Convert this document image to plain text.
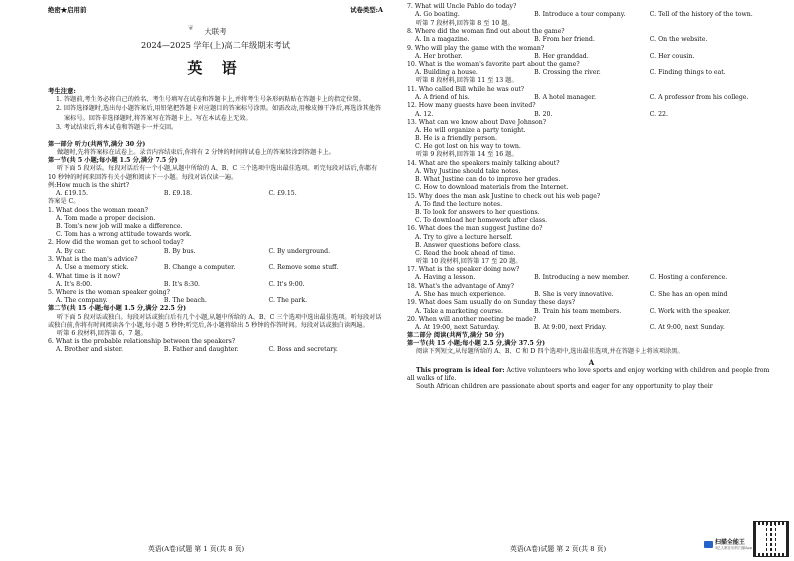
绝密★启用前	试卷类型:A
❦	大联考
2024—2025 学年(上)高二年级期末考试
英 语
考生注意:
1. 答题前,考生务必将自己的姓名、考生号填写在试卷和答题卡上,并将考生号条形码粘贴在答题卡上的指定位置。
2. 回答选择题时,选出每小题答案后,用铅笔把答题卡对应题目的答案标号涂黑。如需改动,用橡皮擦干净后,再选涂其他答案标号。回答非选择题时,将答案写在答题卡上。写在本试卷上无效。
3. 考试结束后,将本试卷和答题卡一并交回。
第一部分 听力(共两节,满分 30 分)
做题时,先将答案标在试卷上。录音内容结束后,你将有 2 分钟的时间将试卷上的答案转涂到答题卡上。
第一节(共 5 小题;每小题 1.5 分,满分 7.5 分)
听下面 5 段对话。每段对话后有一个小题,从题中所给的 A、B、C 三个选项中选出最佳选项。听完每段对话后,你都有 10 秒钟的时间来回答有关小题和阅读下一小题。每段对话仅读一遍。
例:How much is the shirt?
A. £19.15.	B. £9.18.	C. £9.15.
答案是 C。
1. What does the woman mean?
A. Tom made a proper decision.
B. Tom's new job will make a difference.
C. Tom has a wrong attitude towards work.
2. How did the woman get to school today?
A. By car.	B. By bus.	C. By underground.
3. What is the man's advice?
A. Use a memory stick.	B. Change a computer.	C. Remove some stuff.
4. What time is it now?
A. It's 8:00.	B. It's 8:30.	C. It's 9:00.
5. Where is the woman speaker going?
A. The company.	B. The beach.	C. The park.
第二节(共 15 小题;每小题 1.5 分,满分 22.5 分)
听下面 5 段对话或独白。每段对话或独白后有几个小题,从题中所给的 A、B、C 三个选项中选出最佳选项。听每段对话或独白前,你将有时间阅读各个小题,每小题 5 秒钟;听完后,各小题将给出 5 秒钟的作答时间。每段对话或独白读两遍。
听第 6 段材料,回答第 6、7 题。
6. What is the probable relationship between the speakers?
A. Brother and sister.	B. Father and daughter.	C. Boss and secretary.
英语(A卷)试题 第 1 页(共 8 页)
7. What will Uncle Pablo do today?
A. Go boating.	B. Introduce a tour company.	C. Tell of the history of the town.
听第 7 段材料,回答第 8 至 10 题。
8. Where did the woman find out about the game?
A. In a magazine.	B. From her friend.	C. On the website.
9. Who will play the game with the woman?
A. Her brother.	B. Her granddad.	C. Her cousin.
10. What is the woman's favorite part about the game?
A. Building a house.	B. Crossing the river.	C. Finding things to eat.
听第 8 段材料,回答第 11 至 13 题。
11. Who called Bill while he was out?
A. A friend of his.	B. A hotel manager.	C. A professor from his college.
12. How many guests have been invited?
A. 12.	B. 20.	C. 22.
13. What can we know about Dave Johnson?
A. He will organize a party tonight.
B. He is a friendly person.
C. He got lost on his way to town.
听第 9 段材料,回答第 14 至 16 题。
14. What are the speakers mainly talking about?
A. Why Justine should take notes.
B. What Justine can do to improve her grades.
C. How to download materials from the Internet.
15. Why does the man ask Justine to check out his web page?
A. To find the lecture notes.
B. To look for answers to her questions.
C. To download her homework after class.
16. What does the man suggest Justine do?
A. Try to give a lecture herself.
B. Answer questions before class.
C. Read the book ahead of time.
听第 10 段材料,回答第 17 至 20 题。
17. What is the speaker doing now?
A. Having a lesson.	B. Introducing a new member.	C. Hosting a conference.
18. What's the advantage of Amy?
A. She has much experience.	B. She is very innovative.	C. She has an open mind
19. What does Sam usually do on Sunday these days?
A. Take a marketing course.	B. Train his team members.	C. Work with the speaker.
20. When will another meeting be made?
A. At 19:00, next Saturday.	B. At 9:00, next Friday.	C. At 9:00, next Sunday.
第二部分 阅读(共两节,满分 50 分)
第一节(共 15 小题;每小题 2.5 分,满分 37.5 分)
阅读下列短文,从每题所给的 A、B、C 和 D 四个选项中,选出最佳选项,并在答题卡上将该项涂黑。
A
This program is ideal for: Active volunteers who love sports and enjoy working with children and people from all walks of life.
South African children are passionate about sports and eager for any opportunity to play their
英语(A卷)试题 第 2 页(共 8 页)
扫描全能王
3亿人都在用的扫描App
